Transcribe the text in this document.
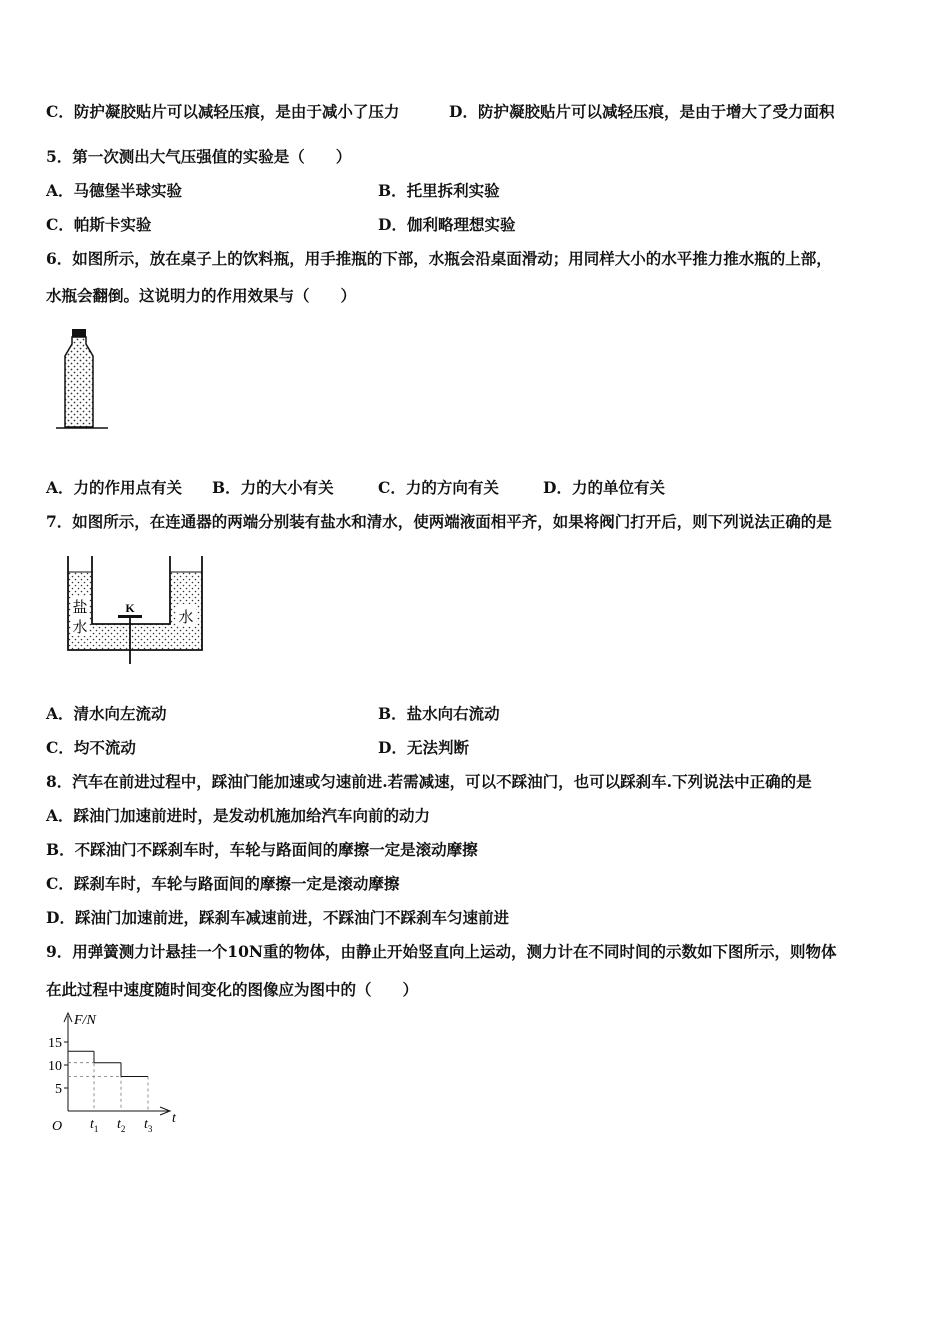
C．防护凝胶贴片可以减轻压痕，是由于减小了压力	D．防护凝胶贴片可以减轻压痕，是由于增大了受力面积
5．第一次测出大气压强值的实验是（　　）
A．马德堡半球实验	B．托里拆利实验
C．帕斯卡实验	D．伽利略理想实验
6．如图所示，放在桌子上的饮料瓶，用手推瓶的下部，水瓶会沿桌面滑动；用同样大小的水平推力推水瓶的上部，
水瓶会翻倒。这说明力的作用效果与（　　）
A．力的作用点有关 B．力的大小有关	C．力的方向有关	D．力的单位有关
7．如图所示，在连通器的两端分别装有盐水和清水，使两端液面相平齐，如果将阀门打开后，则下列说法正确的是
盐
水
水
K
A．清水向左流动	B．盐水向右流动
C．均不流动	D．无法判断
8．汽车在前进过程中，踩油门能加速或匀速前进.若需减速，可以不踩油门，也可以踩刹车.下列说法中正确的是
A．踩油门加速前进时，是发动机施加给汽车向前的动力
B．不踩油门不踩刹车时，车轮与路面间的摩擦一定是滚动摩擦
C．踩刹车时，车轮与路面间的摩擦一定是滚动摩擦
D．踩油门加速前进，踩刹车减速前进，不踩油门不踩刹车匀速前进
9．用弹簧测力计悬挂一个10N重的物体，由静止开始竖直向上运动，测力计在不同时间的示数如下图所示，则物体
在此过程中速度随时间变化的图像应为图中的（　　）
F/N
t
O
15
10
5
$t_1$ $t_2$ $t_3$
